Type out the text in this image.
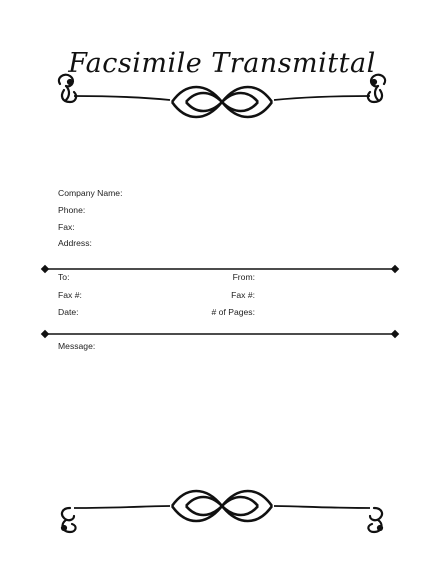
Facsimile Transmittal
Company Name:
Phone:
Fax:
Address:
To:	From:
Fax #:	Fax #:
Date:	# of Pages:
Message:
